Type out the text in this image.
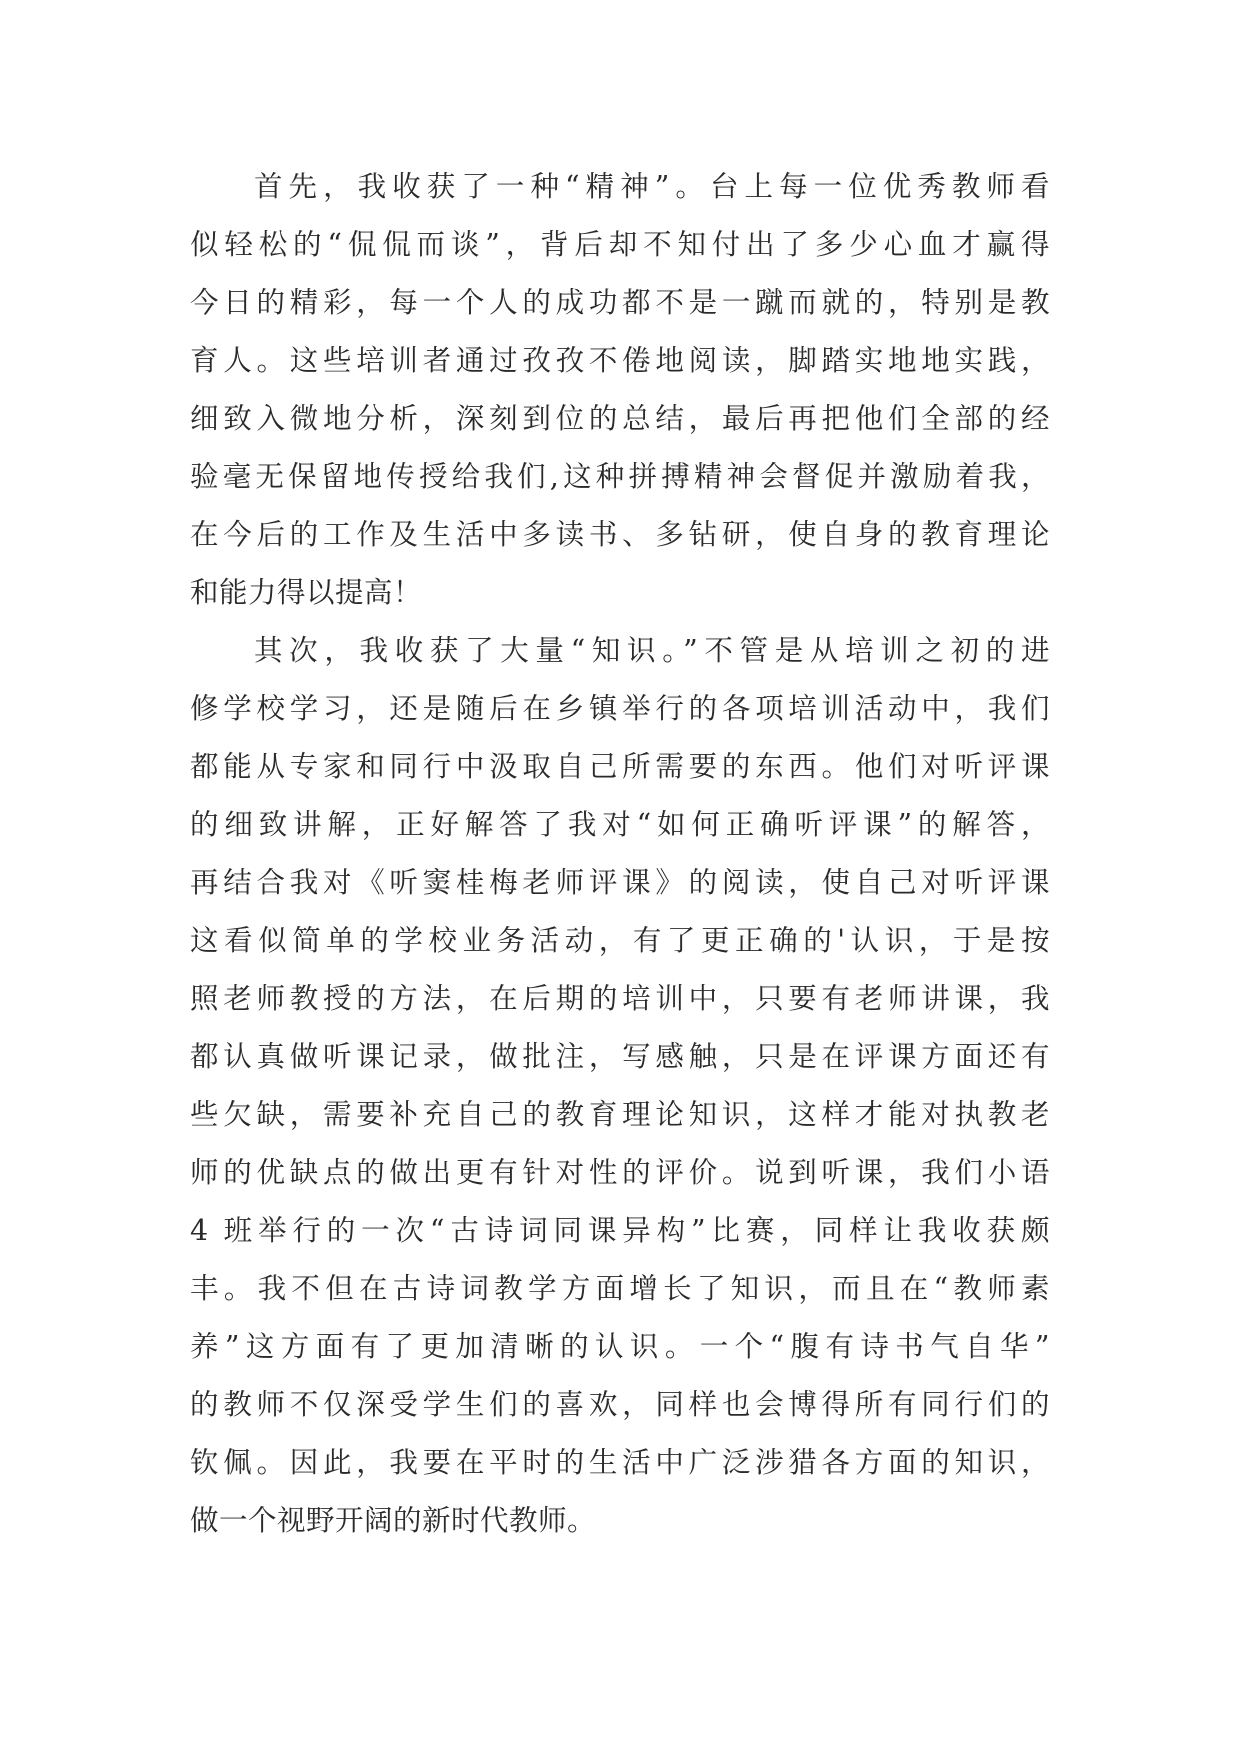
首先，我收获了一种“精神”。台上每一位优秀教师看
似轻松的“侃侃而谈”，背后却不知付出了多少心血才赢得
今日的精彩，每一个人的成功都不是一蹴而就的，特别是教
育人。这些培训者通过孜孜不倦地阅读，脚踏实地地实践，
细致入微地分析，深刻到位的总结，最后再把他们全部的经
验毫无保留地传授给我们,这种拼搏精神会督促并激励着我，
在今后的工作及生活中多读书、多钻研，使自身的教育理论
和能力得以提高！
其次，我收获了大量“知识。”不管是从培训之初的进
修学校学习，还是随后在乡镇举行的各项培训活动中，我们
都能从专家和同行中汲取自己所需要的东西。他们对听评课
的细致讲解，正好解答了我对“如何正确听评课”的解答，
再结合我对《听窦桂梅老师评课》的阅读，使自己对听评课
这看似简单的学校业务活动，有了更正确的'认识，于是按
照老师教授的方法，在后期的培训中，只要有老师讲课，我
都认真做听课记录，做批注，写感触，只是在评课方面还有
些欠缺，需要补充自己的教育理论知识，这样才能对执教老
师的优缺点的做出更有针对性的评价。说到听课，我们小语
4 班举行的一次“古诗词同课异构”比赛，同样让我收获颇
丰。我不但在古诗词教学方面增长了知识，而且在“教师素
养”这方面有了更加清晰的认识。一个“腹有诗书气自华”
的教师不仅深受学生们的喜欢，同样也会博得所有同行们的
钦佩。因此，我要在平时的生活中广泛涉猎各方面的知识，
做一个视野开阔的新时代教师。
